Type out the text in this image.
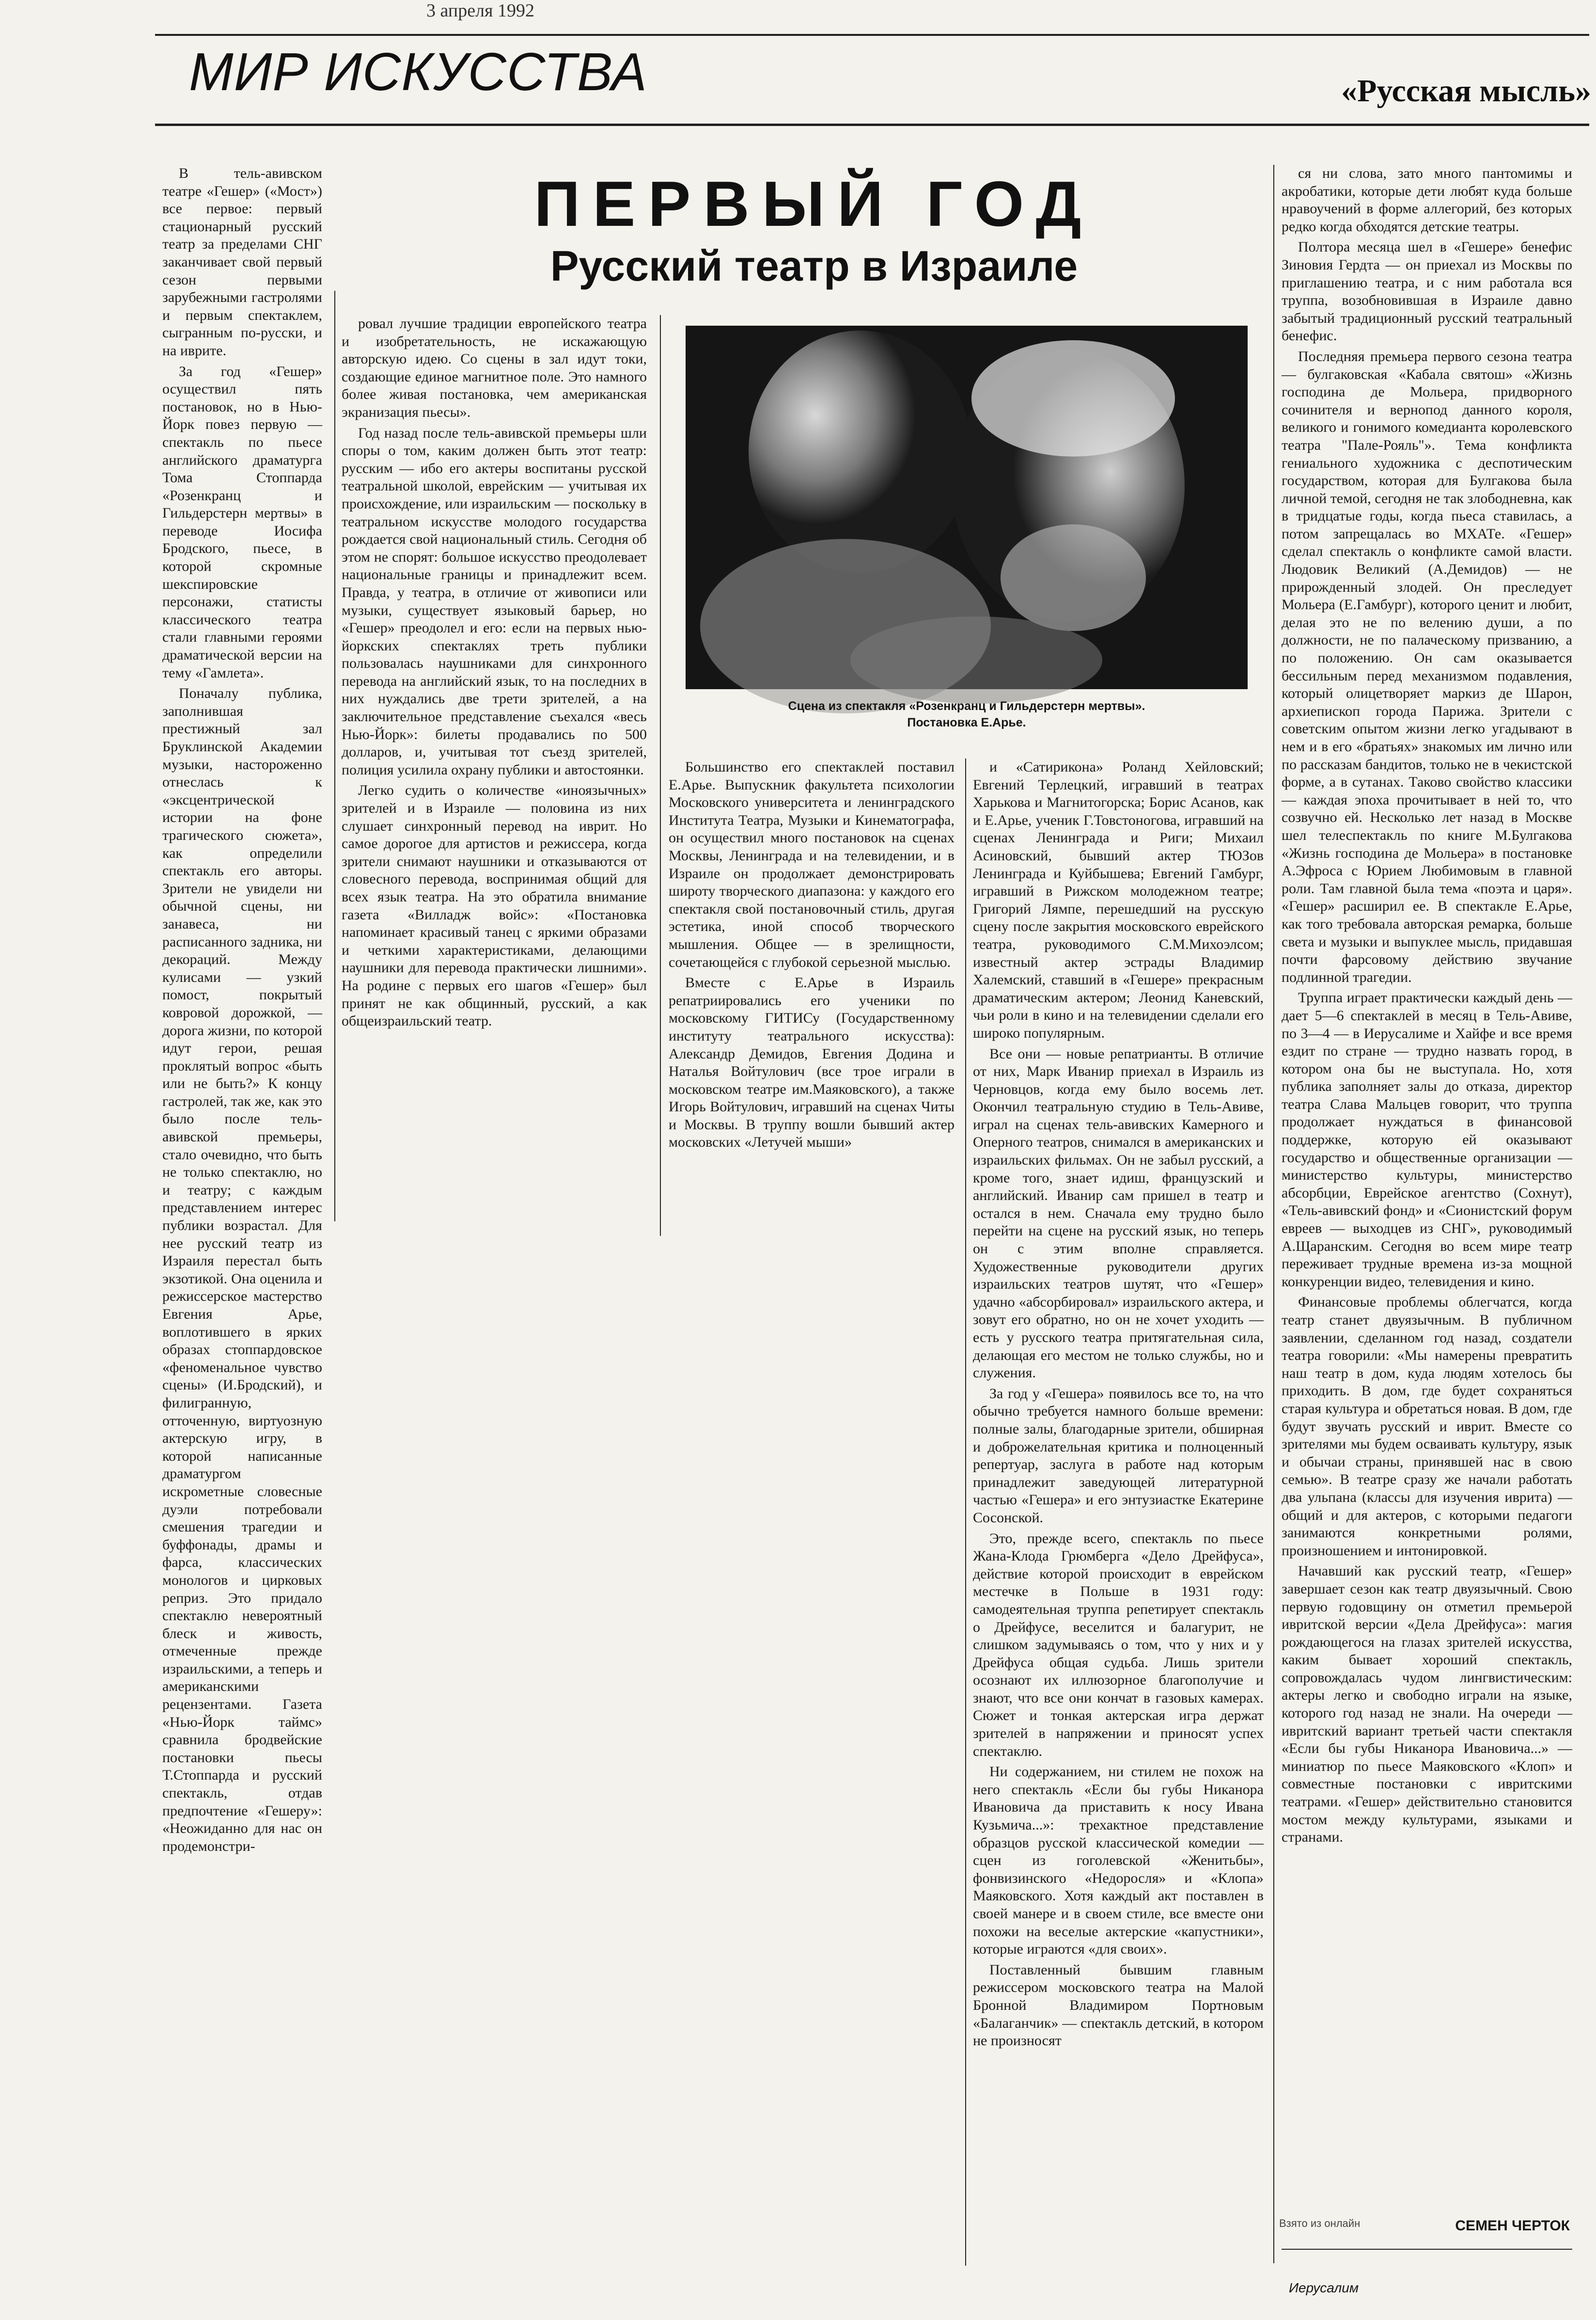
3 апреля 1992
МИР ИСКУССТВА	«Русская мысль»
ПЕРВЫЙ ГОД
Русский театр в Израиле
Сцена из спектакля «Розенкранц и Гильдерстерн мертвы».
Постановка Е.Арье.

В тель-авивском театре «Гешер» («Мост») все первое: первый стационарный русский театр за пределами СНГ заканчивает свой первый сезон первыми зарубежными гастролями и первым спектаклем, сыгранным по-русски, и на иврите.

За год «Гешер» осуществил пять постановок, но в Нью-Йорк повез первую — спектакль по пьесе английского драматурга Тома Стоппарда «Розенкранц и Гильдерстерн мертвы» в переводе Иосифа Бродского, пьесе, в которой скромные шекспировские персонажи, статисты классического театра стали главными героями драматической версии на тему «Гамлета».

Поначалу публика, заполнившая престижный зал Бруклинской Академии музыки, настороженно отнеслась к «эксцентрической истории на фоне трагического сюжета», как определили спектакль его авторы. Зрители не увидели ни обычной сцены, ни занавеса, ни расписанного задника, ни декораций. Между кулисами — узкий помост, покрытый ковровой дорожкой, — дорога жизни, по которой идут герои, решая проклятый вопрос «быть или не быть?» К концу гастролей, так же, как это было после тель-авивской премьеры, стало очевидно, что быть не только спектаклю, но и театру; с каждым представлением интерес публики возрастал. Для нее русский театр из Израиля перестал быть экзотикой. Она оценила и режиссерское мастерство Евгения Арье, воплотившего в ярких образах стоппардовское «феноменальное чувство сцены» (И.Бродский), и филигранную, отточенную, виртуозную актерскую игру, в которой написанные драматургом искрометные словесные дуэли потребовали смешения трагедии и буффонады, драмы и фарса, классических монологов и цирковых реприз. Это придало спектаклю невероятный блеск и живость, отмеченные прежде израильскими, а теперь и американскими рецензентами. Газета «Нью-Йорк таймс» сравнила бродвейские постановки пьесы Т.Стоппарда и русский спектакль, отдав предпочтение «Гешеру»: «Неожиданно для нас он продемонстри-

ровал лучшие традиции европейского театра и изобретательность, не искажающую авторскую идею. Со сцены в зал идут токи, создающие единое магнитное поле. Это намного более живая постановка, чем американская экранизация пьесы».

Год назад после тель-авивской премьеры шли споры о том, каким должен быть этот театр: русским — ибо его актеры воспитаны русской театральной школой, еврейским — учитывая их происхождение, или израильским — поскольку в театральном искусстве молодого государства рождается свой национальный стиль. Сегодня об этом не спорят: большое искусство преодолевает национальные границы и принадлежит всем. Правда, у театра, в отличие от живописи или музыки, существует языковый барьер, но «Гешер» преодолел и его: если на первых нью-йоркских спектаклях треть публики пользовалась наушниками для синхронного перевода на английский язык, то на последних в них нуждались две трети зрителей, а на заключительное представление съехался «весь Нью-Йорк»: билеты продавались по 500 долларов, и, учитывая тот съезд зрителей, полиция усилила охрану публики и автостоянки.

Легко судить о количестве «иноязычных» зрителей и в Израиле — половина из них слушает синхронный перевод на иврит. Но самое дорогое для артистов и режиссера, когда зрители снимают наушники и отказываются от словесного перевода, воспринимая общий для всех язык театра. На это обратила внимание газета «Вилладж войс»: «Постановка напоминает красивый танец с яркими образами и четкими характеристиками, делающими наушники для перевода практически лишними». На родине с первых его шагов «Гешер» был принят не как общинный, русский, а как общеизраильский театр.

Большинство его спектаклей поставил Е.Арье. Выпускник факультета психологии Московского университета и ленинградского Института Театра, Музыки и Кинематографа, он осуществил много постановок на сценах Москвы, Ленинграда и на телевидении, и в Израиле он продолжает демонстрировать широту творческого диапазона: у каждого его спектакля свой постановочный стиль, другая эстетика, иной способ творческого мышления. Общее — в зрелищности, сочетающейся с глубокой серьезной мыслью.

Вместе с Е.Арье в Израиль репатриировались его ученики по московскому ГИТИСу (Государственному институту театрального искусства): Александр Демидов, Евгения Додина и Наталья Войтулович (все трое играли в московском театре им.Маяковского), а также Игорь Войтулович, игравший на сценах Читы и Москвы. В труппу вошли бывший актер московских «Летучей мыши»

и «Сатирикона» Роланд Хейловский; Евгений Терлецкий, игравший в театрах Харькова и Магнитогорска; Борис Асанов, как и Е.Арье, ученик Г.Товстоногова, игравший на сценах Ленинграда и Риги; Михаил Асиновский, бывший актер ТЮЗов Ленинграда и Куйбышева; Евгений Гамбург, игравший в Рижском молодежном театре; Григорий Лямпе, перешедший на русскую сцену после закрытия московского еврейского театра, руководимого С.М.Михоэлсом; известный актер эстрады Владимир Халемский, ставший в «Гешере» прекрасным драматическим актером; Леонид Каневский, чьи роли в кино и на телевидении сделали его широко популярным.

Все они — новые репатрианты. В отличие от них, Марк Иванир приехал в Израиль из Черновцов, когда ему было восемь лет. Окончил театральную студию в Тель-Авиве, играл на сценах тель-авивских Камерного и Оперного театров, снимался в американских и израильских фильмах. Он не забыл русский, а кроме того, знает идиш, французский и английский. Иванир сам пришел в театр и остался в нем. Сначала ему трудно было перейти на сцене на русский язык, но теперь он с этим вполне справляется. Художественные руководители других израильских театров шутят, что «Гешер» удачно «абсорбировал» израильского актера, и зовут его обратно, но он не хочет уходить — есть у русского театра притягательная сила, делающая его местом не только службы, но и служения.

За год у «Гешера» появилось все то, на что обычно требуется намного больше времени: полные залы, благодарные зрители, обширная и доброжелательная критика и полноценный репертуар, заслуга в работе над которым принадлежит заведующей литературной частью «Гешера» и его энтузиастке Екатерине Сосонской.

Это, прежде всего, спектакль по пьесе Жана-Клода Грюмберга «Дело Дрейфуса», действие которой происходит в еврейском местечке в Польше в 1931 году: самодеятельная труппа репетирует спектакль о Дрейфусе, веселится и балагурит, не слишком задумываясь о том, что у них и у Дрейфуса общая судьба. Лишь зрители осознают их иллюзорное благополучие и знают, что все они кончат в газовых камерах. Сюжет и тонкая актерская игра держат зрителей в напряжении и приносят успех спектаклю.

Ни содержанием, ни стилем не похож на него спектакль «Если бы губы Никанора Ивановича да приставить к носу Ивана Кузьмича...»: трехактное представление образцов русской классической комедии — сцен из гоголевской «Женитьбы», фонвизинского «Недоросля» и «Клопа» Маяковского. Хотя каждый акт поставлен в своей манере и в своем стиле, все вместе они похожи на веселые актерские «капустники», которые играются «для своих».

Поставленный бывшим главным режиссером московского театра на Малой Бронной Владимиром Портновым «Балаганчик» — спектакль детский, в котором не произносят

ся ни слова, зато много пантомимы и акробатики, которые дети любят куда больше нравоучений в форме аллегорий, без которых редко когда обходятся детские театры.

Полтора месяца шел в «Гешере» бенефис Зиновия Гердта — он приехал из Москвы по приглашению театра, и с ним работала вся труппа, возобновившая в Израиле давно забытый традиционный русский театральный бенефис.

Последняя премьера первого сезона театра — булгаковская «Кабала святош» «Жизнь господина де Мольера, придворного сочинителя и вернопод данного короля, великого и гонимого комедианта королевского театра "Пале-Рояль"». Тема конфликта гениального художника с деспотическим государством, которая для Булгакова была личной темой, сегодня не так злободневна, как в тридцатые годы, когда пьеса ставилась, а потом запрещалась во МХАТе. «Гешер» сделал спектакль о конфликте самой власти. Людовик Великий (А.Демидов) — не прирожденный злодей. Он преследует Мольера (Е.Гамбург), которого ценит и любит, делая это не по велению души, а по должности, не по палаческому призванию, а по положению. Он сам оказывается бессильным перед механизмом подавления, который олицетворяет маркиз де Шарон, архиепископ города Парижа. Зрители с советским опытом жизни легко угадывают в нем и в его «братьях» знакомых им лично или по рассказам бандитов, только не в чекистской форме, а в сутанах. Таково свойство классики — каждая эпоха прочитывает в ней то, что созвучно ей. Несколько лет назад в Москве шел телеспектакль по книге М.Булгакова «Жизнь господина де Мольера» в постановке А.Эфроса с Юрием Любимовым в главной роли. Там главной была тема «поэта и царя». «Гешер» расширил ее. В спектакле Е.Арье, как того требовала авторская ремарка, больше света и музыки и выпуклее мысль, придавшая почти фарсовому действию звучание подлинной трагедии.

Труппа играет практически каждый день — дает 5—6 спектаклей в месяц в Тель-Авиве, по 3—4 — в Иерусалиме и Хайфе и все время ездит по стране — трудно назвать город, в котором она бы не выступала. Но, хотя публика заполняет залы до отказа, директор театра Слава Мальцев говорит, что труппа продолжает нуждаться в финансовой поддержке, которую ей оказывают государство и общественные организации — министерство культуры, министерство абсорбции, Еврейское агентство (Сохнут), «Тель-авивский фонд» и «Сионистский форум евреев — выходцев из СНГ», руководимый А.Щаранским. Сегодня во всем мире театр переживает трудные времена из-за мощной конкуренции видео, телевидения и кино.

Финансовые проблемы облегчатся, когда театр станет двуязычным. В публичном заявлении, сделанном год назад, создатели театра говорили: «Мы намерены превратить наш театр в дом, куда людям хотелось бы приходить. В дом, где будет сохраняться старая культура и обретаться новая. В дом, где будут звучать русский и иврит. Вместе со зрителями мы будем осваивать культуру, язык и обычаи страны, принявшей нас в свою семью». В театре сразу же начали работать два ульпана (классы для изучения иврита) — общий и для актеров, с которыми педагоги занимаются конкретными ролями, произношением и интонировкой.

Начавший как русский театр, «Гешер» завершает сезон как театр двуязычный. Свою первую годовщину он отметил премьерой ивритской версии «Дела Дрейфуса»: магия рождающегося на глазах зрителей искусства, каким бывает хороший спектакль, сопровождалась чудом лингвистическим: актеры легко и свободно играли на языке, которого год назад не знали. На очереди — ивритский вариант третьей части спектакля «Если бы губы Никанора Ивановича...» — миниатюр по пьесе Маяковского «Клоп» и совместные постановки с ивритскими театрами. «Гешер» действительно становится мостом между культурами, языками и странами.

Взято из онлайн	СЕМЕН ЧЕРТОК
Иерусалим
